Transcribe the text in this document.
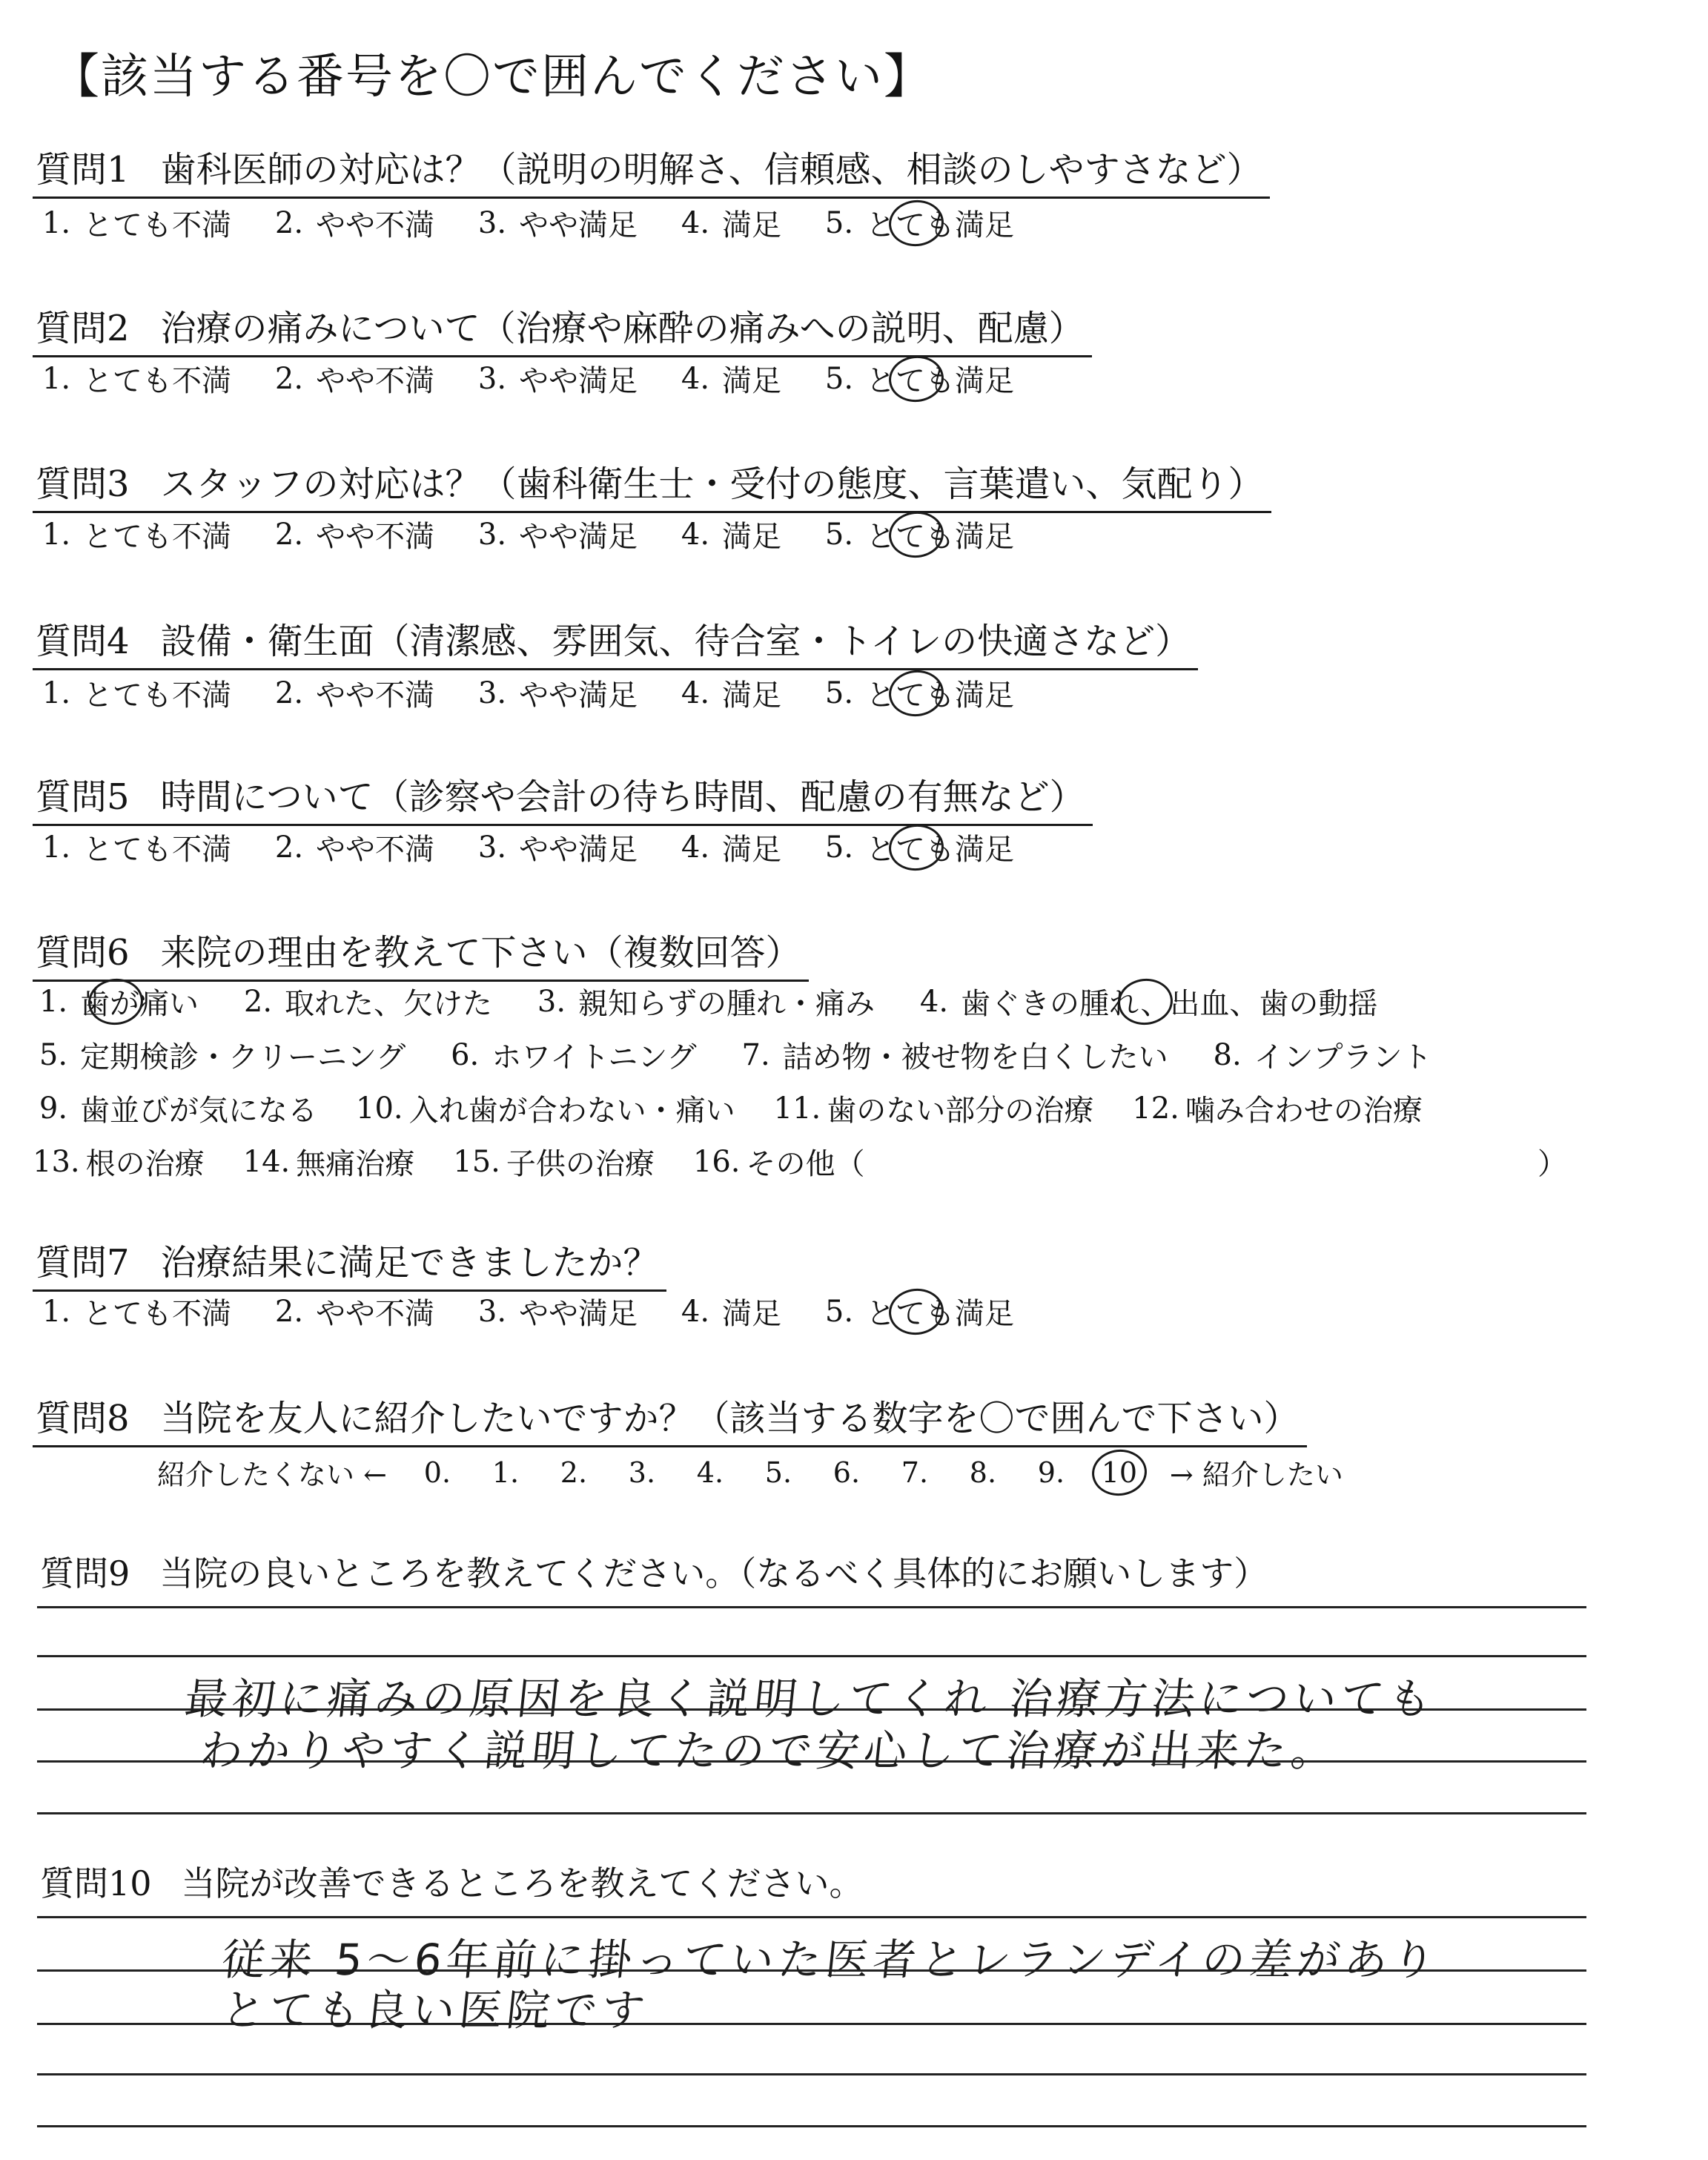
【該当する番号を〇で囲んでください】
質問1 歯科医師の対応は？（説明の明解さ、信頼感、相談のしやすさなど）
1. とても不満 2. やや不満 3. やや満足 4. 満足 5. とても満足
質問2 治療の痛みについて（治療や麻酔の痛みへの説明、配慮）
1. とても不満 2. やや不満 3. やや満足 4. 満足 5. とても満足
質問3 スタッフの対応は？（歯科衛生士・受付の態度、言葉遣い、気配り）
1. とても不満 2. やや不満 3. やや満足 4. 満足 5. とても満足
質問4 設備・衛生面（清潔感、雰囲気、待合室・トイレの快適さなど）
1. とても不満 2. やや不満 3. やや満足 4. 満足 5. とても満足
質問5 時間について（診察や会計の待ち時間、配慮の有無など）
1. とても不満 2. やや不満 3. やや満足 4. 満足 5. とても満足
質問6 来院の理由を教えて下さい（複数回答）
1. 歯が痛い 2. 取れた、欠けた 3. 親知らずの腫れ・痛み 4. 歯ぐきの腫れ、出血、歯の動揺
5. 定期検診・クリーニング 6. ホワイトニング 7. 詰め物・被せ物を白くしたい 8. インプラント
9. 歯並びが気になる 10. 入れ歯が合わない・痛い 11. 歯のない部分の治療 12. 噛み合わせの治療
13. 根の治療 14. 無痛治療 15. 子供の治療 16. その他（	）
質問7 治療結果に満足できましたか？
1. とても不満 2. やや不満 3. やや満足 4. 満足 5. とても満足
質問8 当院を友人に紹介したいですか？（該当する数字を〇で囲んで下さい）
紹介したくない ←	0.	1.	2.	3.	4.	5.	6.	7.	8.	9.	10	→ 紹介したい
質問9 当院の良いところを教えてください。（なるべく具体的にお願いします）
最初に痛みの原因を良く説明してくれ 治療方法についても
わかりやすく説明してたので安心して治療が出来た。
質問10 当院が改善できるところを教えてください。
従来 5〜6年前に掛っていた医者とレランデイの差があり
とても良い医院です
